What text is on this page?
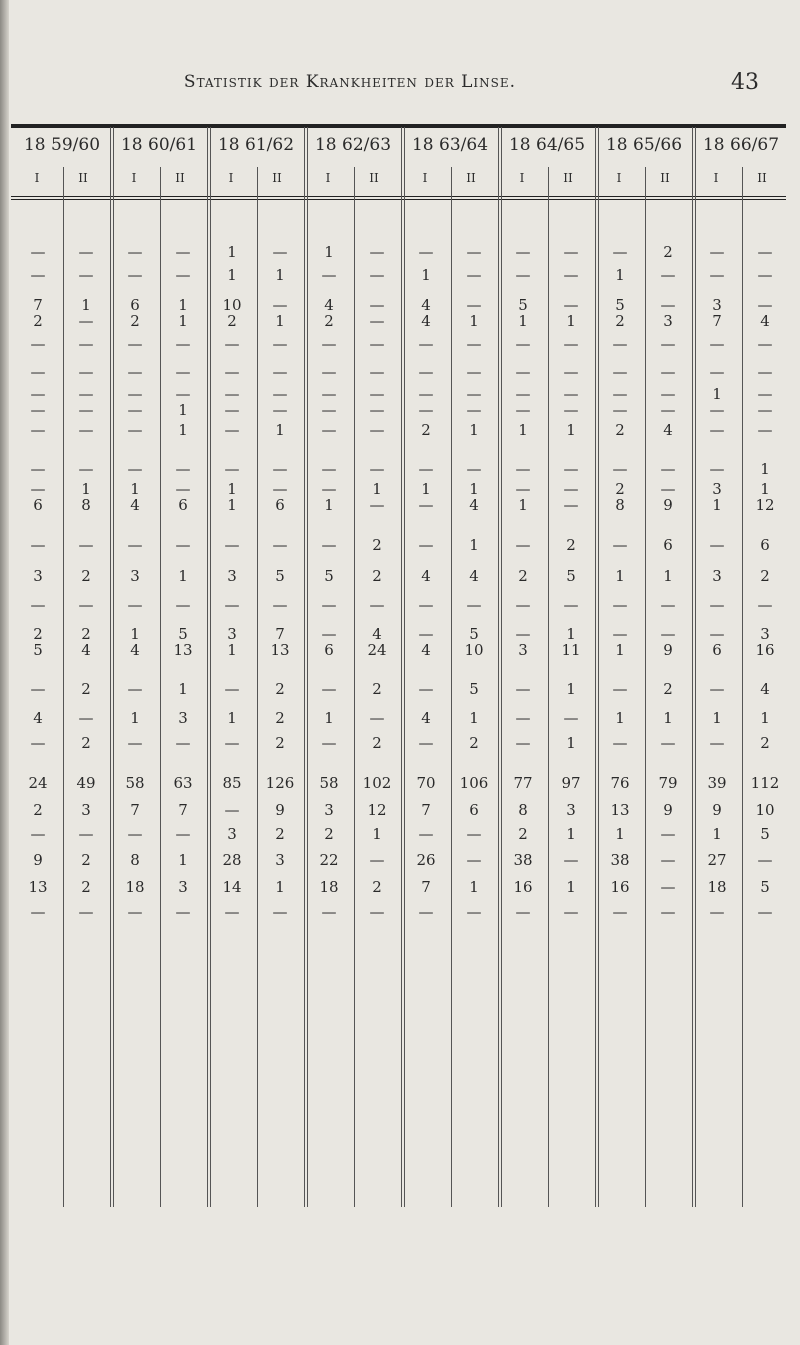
Statistik der Krankheiten der Linse.	43
18 59/60
I	II
18 60/61
I	II
18 61/62
I	II
18 62/63
I	II
18 63/64
I	II
18 64/65
I	II
18 65/66
I	II
18 66/67
I	II
—	—	—	—	1	—	1	—	—	—	—	—	—	2	—	—
—	—	—	—	1	1	—	—	1	—	—	—	1	—	—	—
7	1	6	1	10	—	4	—	4	—	5	—	5	—	3	—
2	—	2	1	2	1	2	—	4	1	1	1	2	3	7	4
—	—	—	—	—	—	—	—	—	—	—	—	—	—	—	—
—	—	—	—	—	—	—	—	—	—	—	—	—	—	—	—
—	—	—	—	—	—	—	—	—	—	—	—	—	—	1	—
—	—	—	1	—	—	—	—	—	—	—	—	—	—	—	—
—	—	—	1	—	1	—	—	2	1	1	1	2	4	—	—
—	—	—	—	—	—	—	—	—	—	—	—	—	—	—	1
—	1	1	—	1	—	—	1	1	1	—	—	2	—	3	1
6	8	4	6	1	6	1	—	—	4	1	—	8	9	1	12
—	—	—	—	—	—	—	2	—	1	—	2	—	6	—	6
3	2	3	1	3	5	5	2	4	4	2	5	1	1	3	2
—	—	—	—	—	—	—	—	—	—	—	—	—	—	—	—
2	2	1	5	3	7	—	4	—	5	—	1	—	—	—	3
5	4	4	13	1	13	6	24	4	10	3	11	1	9	6	16
—	2	—	1	—	2	—	2	—	5	—	1	—	2	—	4
4	—	1	3	1	2	1	—	4	1	—	—	1	1	1	1
—	2	—	—	—	2	—	2	—	2	—	1	—	—	—	2
24	49	58	63	85	126	58	102	70	106	77	97	76	79	39	112
2	3	7	7	—	9	3	12	7	6	8	3	13	9	9	10
—	—	—	—	3	2	2	1	—	—	2	1	1	—	1	5
9	2	8	1	28	3	22	—	26	—	38	—	38	—	27	—
13	2	18	3	14	1	18	2	7	1	16	1	16	—	18	5
—	—	—	—	—	—	—	—	—	—	—	—	—	—	—	—
